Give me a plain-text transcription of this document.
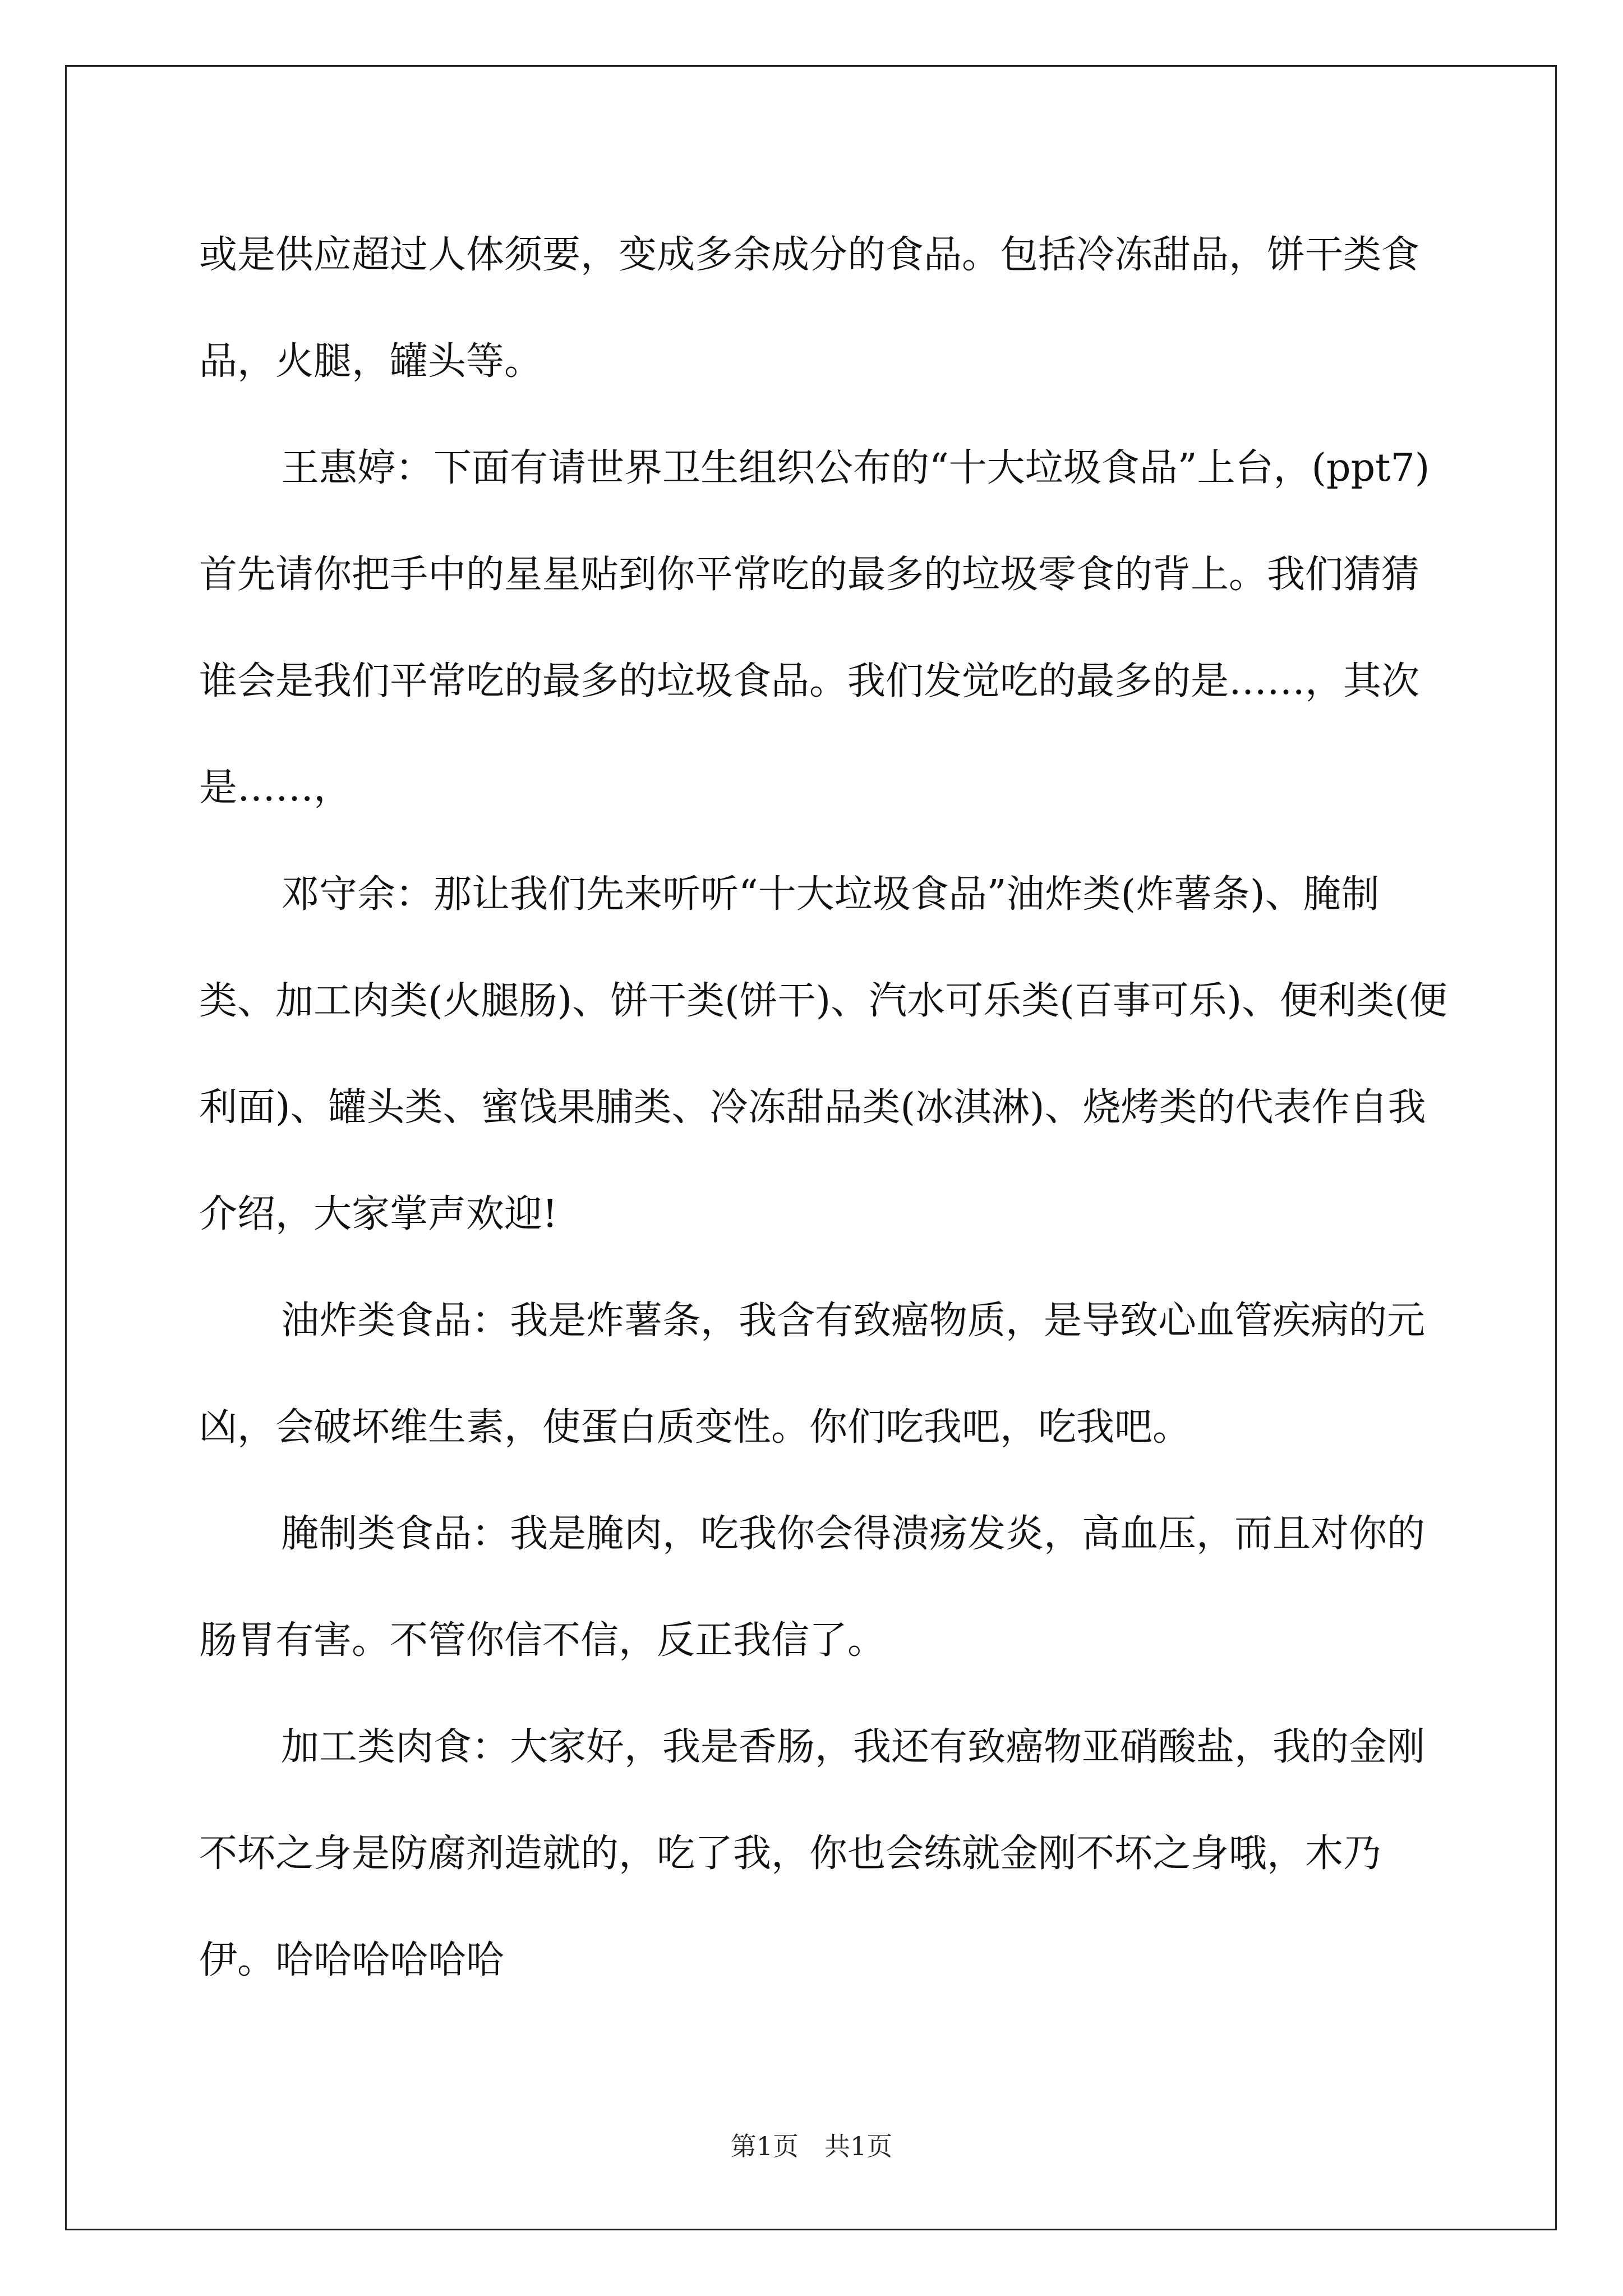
或是供应超过人体须要，变成多余成分的食品。包括冷冻甜品，饼干类食品，火腿，罐头等。

王惠婷：下面有请世界卫生组织公布的“十大垃圾食品”上台，(ppt7)首先请你把手中的星星贴到你平常吃的最多的垃圾零食的背上。我们猜猜谁会是我们平常吃的最多的垃圾食品。我们发觉吃的最多的是……，其次是……，

邓守余：那让我们先来听听“十大垃圾食品”油炸类(炸薯条)、腌制类、加工肉类(火腿肠)、饼干类(饼干)、汽水可乐类(百事可乐)、便利类(便利面)、罐头类、蜜饯果脯类、冷冻甜品类(冰淇淋)、烧烤类的代表作自我介绍，大家掌声欢迎!

油炸类食品：我是炸薯条，我含有致癌物质，是导致心血管疾病的元凶，会破坏维生素，使蛋白质变性。你们吃我吧，吃我吧。

腌制类食品：我是腌肉，吃我你会得溃疡发炎，高血压，而且对你的肠胃有害。不管你信不信，反正我信了。

加工类肉食：大家好，我是香肠，我还有致癌物亚硝酸盐，我的金刚不坏之身是防腐剂造就的，吃了我，你也会练就金刚不坏之身哦，木乃伊。哈哈哈哈哈哈

第1页 共1页
